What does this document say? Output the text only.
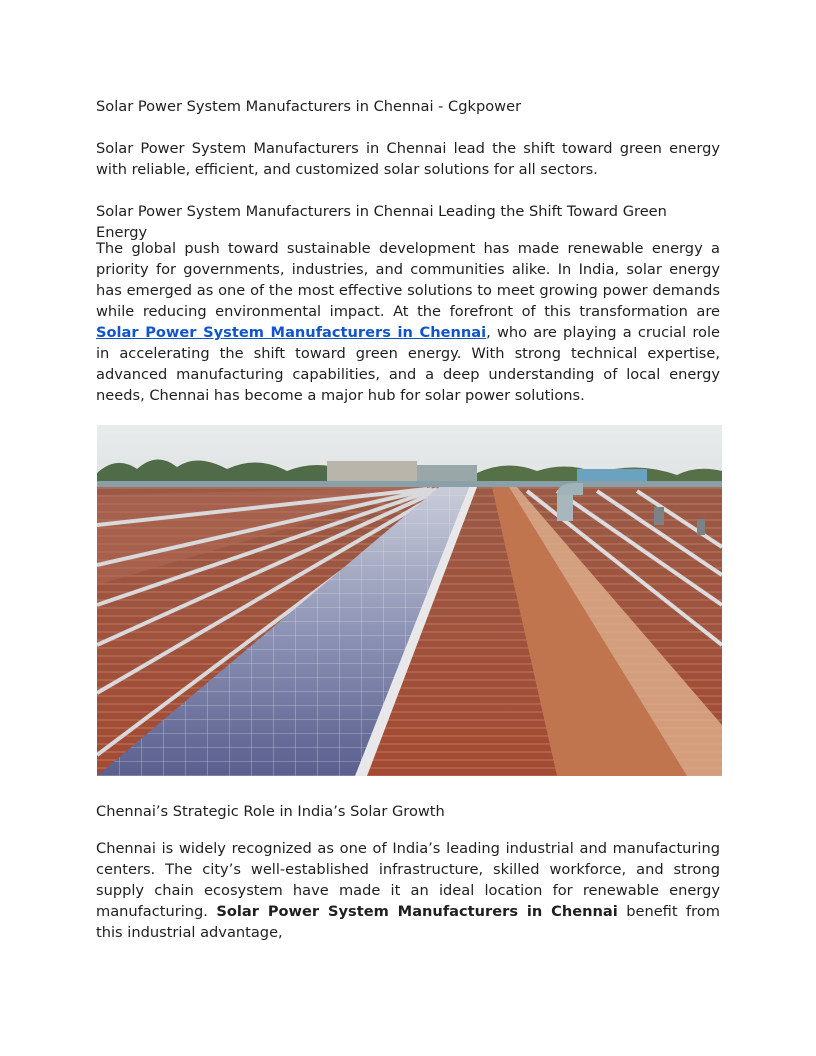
Solar Power System Manufacturers in Chennai - Cgkpower

Solar Power System Manufacturers in Chennai lead the shift toward green energy with reliable, efficient, and customized solar solutions for all sectors.

Solar Power System Manufacturers in Chennai Leading the Shift Toward Green Energy

The global push toward sustainable development has made renewable energy a priority for governments, industries, and communities alike. In India, solar energy has emerged as one of the most effective solutions to meet growing power demands while reducing environmental impact. At the forefront of this transformation are Solar Power System Manufacturers in Chennai, who are playing a crucial role in accelerating the shift toward green energy. With strong technical expertise, advanced manufacturing capabilities, and a deep understanding of local energy needs, Chennai has become a major hub for solar power solutions.

Chennai’s Strategic Role in India’s Solar Growth

Chennai is widely recognized as one of India’s leading industrial and manufacturing centers. The city’s well-established infrastructure, skilled workforce, and strong supply chain ecosystem have made it an ideal location for renewable energy manufacturing. Solar Power System Manufacturers in Chennai benefit from this industrial advantage,
